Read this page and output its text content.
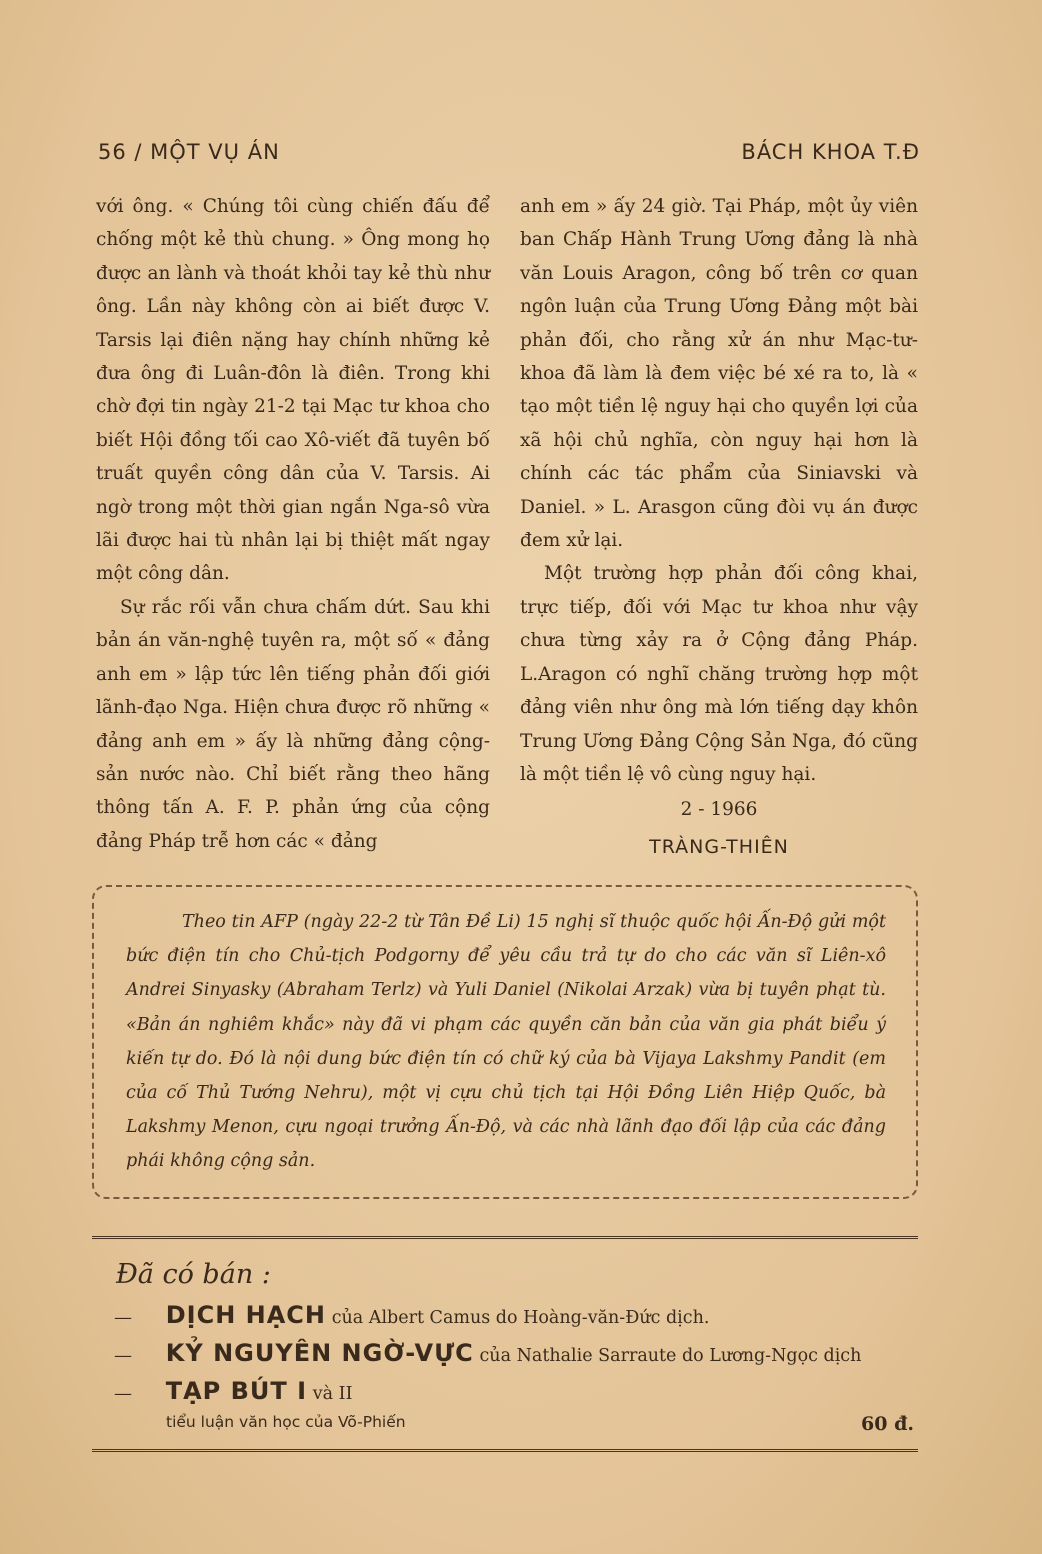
56 / MỘT VỤ ÁN	BÁCH KHOA T.Đ

với ông. « Chúng tôi cùng chiến đấu để chống một kẻ thù chung. » Ông mong họ được an lành và thoát khỏi tay kẻ thù như ông. Lần này không còn ai biết được V. Tarsis lại điên nặng hay chính những kẻ đưa ông đi Luân-đôn là điên. Trong khi chờ đợi tin ngày 21-2 tại Mạc tư khoa cho biết Hội đồng tối cao Xô-viết đã tuyên bố truất quyền công dân của V. Tarsis. Ai ngờ trong một thời gian ngắn Nga-sô vừa lãi được hai tù nhân lại bị thiệt mất ngay một công dân.

Sự rắc rối vẫn chưa chấm dứt. Sau khi bản án văn-nghệ tuyên ra, một số « đảng anh em » lập tức lên tiếng phản đối giới lãnh-đạo Nga. Hiện chưa được rõ những « đảng anh em » ấy là những đảng cộng-sản nước nào. Chỉ biết rằng theo hãng thông tấn A. F. P. phản ứng của cộng đảng Pháp trễ hơn các « đảng

anh em » ấy 24 giờ. Tại Pháp, một ủy viên ban Chấp Hành Trung Ương đảng là nhà văn Louis Aragon, công bố trên cơ quan ngôn luận của Trung Ương Đảng một bài phản đối, cho rằng xử án như Mạc-tư-khoa đã làm là đem việc bé xé ra to, là « tạo một tiền lệ nguy hại cho quyền lợi của xã hội chủ nghĩa, còn nguy hại hơn là chính các tác phẩm của Siniavski và Daniel. » L. Arasgon cũng đòi vụ án được đem xử lại.

Một trường hợp phản đối công khai, trực tiếp, đối với Mạc tư khoa như vậy chưa từng xảy ra ở Cộng đảng Pháp. L.Aragon có nghĩ chăng trường hợp một đảng viên như ông mà lớn tiếng dạy khôn Trung Ương Đảng Cộng Sản Nga, đó cũng là một tiền lệ vô cùng nguy hại.

2 - 1966
TRÀNG-THIÊN
Theo tin AFP (ngày 22-2 từ Tân Đề Li) 15 nghị sĩ thuộc quốc hội Ấn-Độ gửi một bức điện tín cho Chủ-tịch Podgorny để yêu cầu trả tự do cho các văn sĩ Liên-xô Andrei Sinyasky (Abraham Terlz) và Yuli Daniel (Nikolai Arzak) vừa bị tuyên phạt tù. «Bản án nghiêm khắc» này đã vi phạm các quyền căn bản của văn gia phát biểu ý kiến tự do. Đó là nội dung bức điện tín có chữ ký của bà Vijaya Lakshmy Pandit (em của cố Thủ Tướng Nehru), một vị cựu chủ tịch tại Hội Đồng Liên Hiệp Quốc, bà Lakshmy Menon, cựu ngoại trưởng Ấn-Độ, và các nhà lãnh đạo đối lập của các đảng phái không cộng sản.
Đã có bán :
— DỊCH HẠCH của Albert Camus do Hoàng-văn-Đức dịch.
— KỶ NGUYÊN NGỜ-VỰC của Nathalie Sarraute do Lương-Ngọc dịch
— TẠP BÚT I và II
tiểu luận văn học của Võ-Phiến	60 đ.
